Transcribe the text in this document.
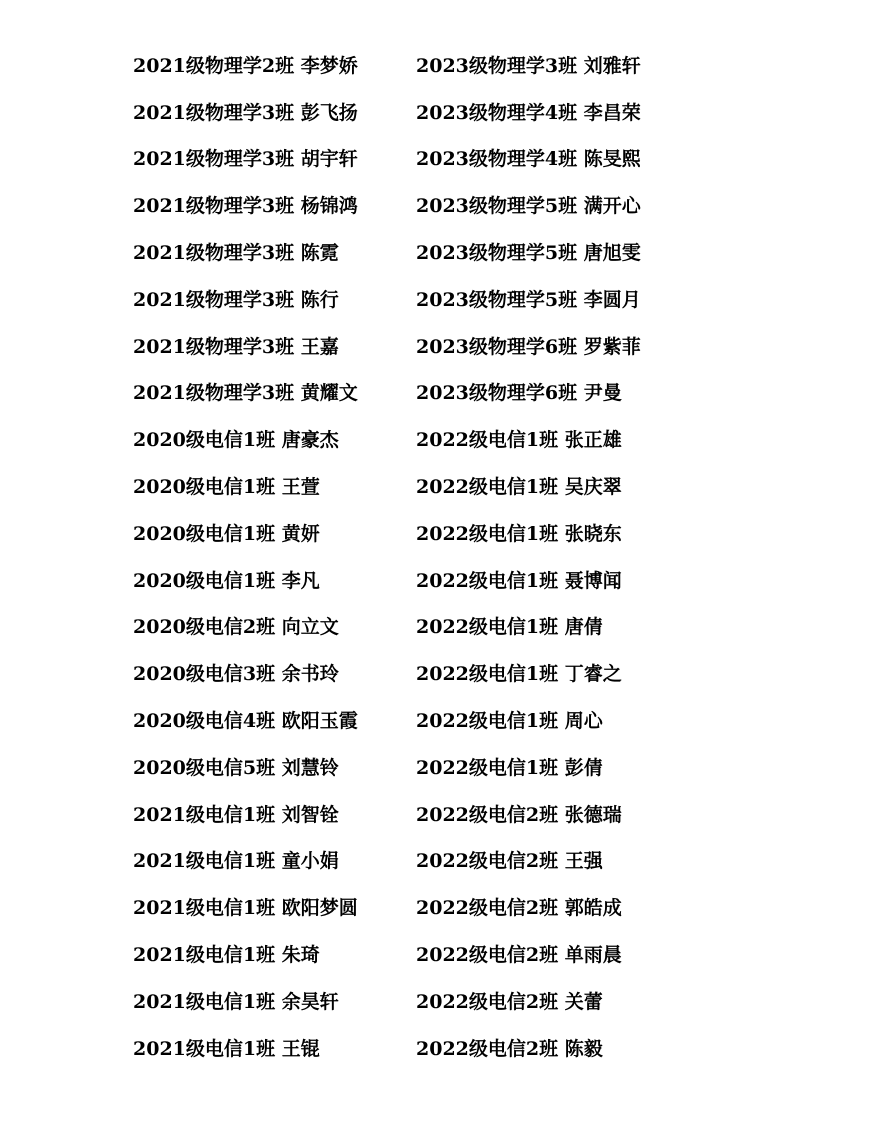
2021级物理学2班 李梦娇	2023级物理学3班 刘雅轩
2021级物理学3班 彭飞扬	2023级物理学4班 李昌荣
2021级物理学3班 胡宇轩	2023级物理学4班 陈旻熙
2021级物理学3班 杨锦鸿	2023级物理学5班 满开心
2021级物理学3班 陈霓	2023级物理学5班 唐旭雯
2021级物理学3班 陈行	2023级物理学5班 李圆月
2021级物理学3班 王嘉	2023级物理学6班 罗紫菲
2021级物理学3班 黄耀文	2023级物理学6班 尹曼
2020级电信1班 唐豪杰	2022级电信1班 张正雄
2020级电信1班 王萱	2022级电信1班 吴庆翠
2020级电信1班 黄妍	2022级电信1班 张晓东
2020级电信1班 李凡	2022级电信1班 聂博闻
2020级电信2班 向立文	2022级电信1班 唐倩
2020级电信3班 余书玲	2022级电信1班 丁睿之
2020级电信4班 欧阳玉霞	2022级电信1班 周心
2020级电信5班 刘慧铃	2022级电信1班 彭倩
2021级电信1班 刘智铨	2022级电信2班 张德瑞
2021级电信1班 童小娟	2022级电信2班 王强
2021级电信1班 欧阳梦圆	2022级电信2班 郭皓成
2021级电信1班 朱琦	2022级电信2班 单雨晨
2021级电信1班 余昊轩	2022级电信2班 关蕾
2021级电信1班 王锟	2022级电信2班 陈毅
